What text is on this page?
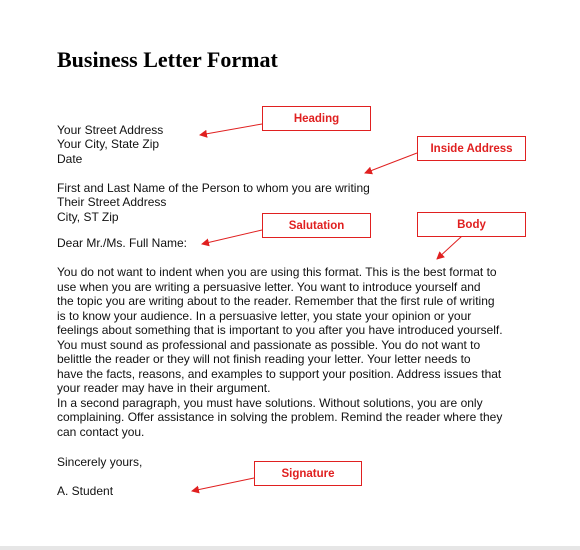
Business Letter Format
Your Street Address
Your City, State Zip
Date
First and Last Name of the Person to whom you are writing
Their Street Address
City, ST Zip
Dear Mr./Ms. Full Name:
You do not want to indent when you are using this format. This is the best format to
use when you are writing a persuasive letter. You want to introduce yourself and
the topic you are writing about to the reader. Remember that the first rule of writing
is to know your audience. In a persuasive letter, you state your opinion or your
feelings about something that is important to you after you have introduced yourself.
You must sound as professional and passionate as possible. You do not want to
belittle the reader or they will not finish reading your letter. Your letter needs to
have the facts, reasons, and examples to support your position. Address issues that
your reader may have in their argument.
In a second paragraph, you must have solutions. Without solutions, you are only
complaining. Offer assistance in solving the problem. Remind the reader where they
can contact you.
Sincerely yours,
A. Student
Heading
Inside Address
Salutation	Body
Signature
